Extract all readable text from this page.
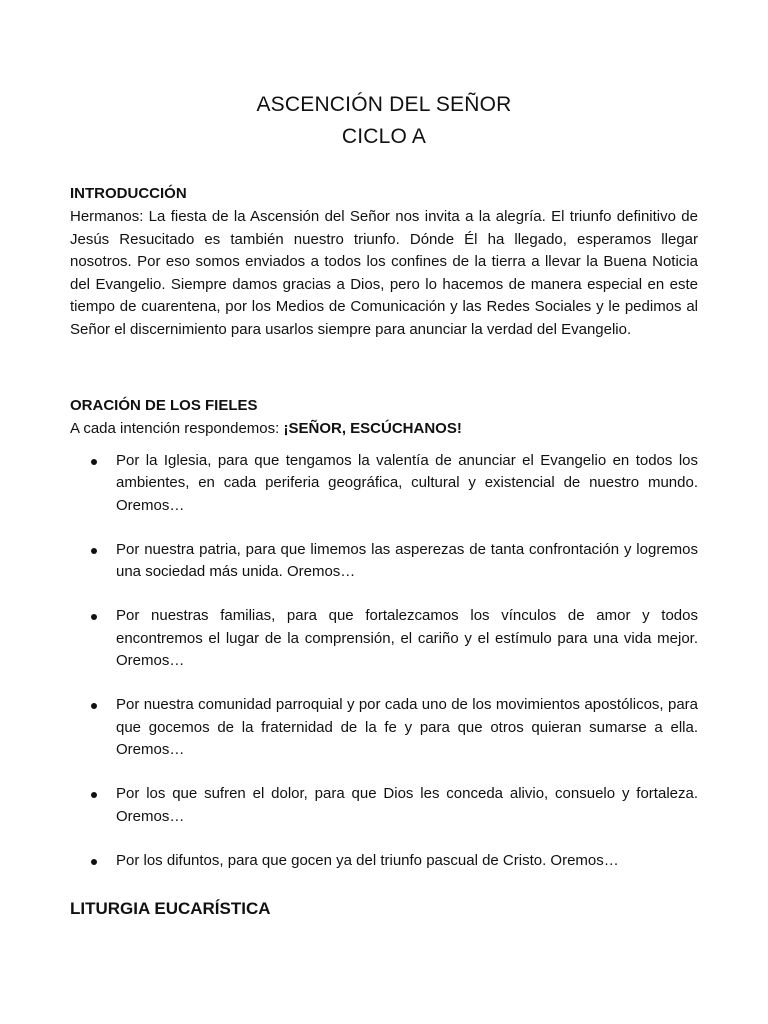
ASCENCIÓN DEL SEÑOR
CICLO A
INTRODUCCIÓN
Hermanos: La fiesta de la Ascensión del Señor nos invita a la alegría. El triunfo definitivo de Jesús Resucitado es también nuestro triunfo. Dónde Él ha llegado, esperamos llegar nosotros. Por eso somos enviados a todos los confines de la tierra a llevar la Buena Noticia del Evangelio. Siempre damos gracias a Dios, pero lo hacemos de manera especial en este tiempo de cuarentena, por los Medios de Comunicación y las Redes Sociales y le pedimos al Señor el discernimiento para usarlos siempre para anunciar la verdad del Evangelio.
ORACIÓN DE LOS FIELES
A cada intención respondemos: ¡SEÑOR, ESCÚCHANOS!
Por la Iglesia, para que tengamos la valentía de anunciar el Evangelio en todos los ambientes, en cada periferia geográfica, cultural y existencial de nuestro mundo. Oremos…
Por nuestra patria, para que limemos las asperezas de tanta confrontación y logremos una sociedad más unida. Oremos…
Por nuestras familias, para que fortalezcamos los vínculos de amor y todos encontremos el lugar de la comprensión, el cariño y el estímulo para una vida mejor. Oremos…
Por nuestra comunidad parroquial y por cada uno de los movimientos apostólicos, para que gocemos de la fraternidad de la fe y para que otros quieran sumarse a ella. Oremos…
Por los que sufren el dolor, para que Dios les conceda alivio, consuelo y fortaleza. Oremos…
Por los difuntos, para que gocen ya del triunfo pascual de Cristo. Oremos…
LITURGIA EUCARÍSTICA
